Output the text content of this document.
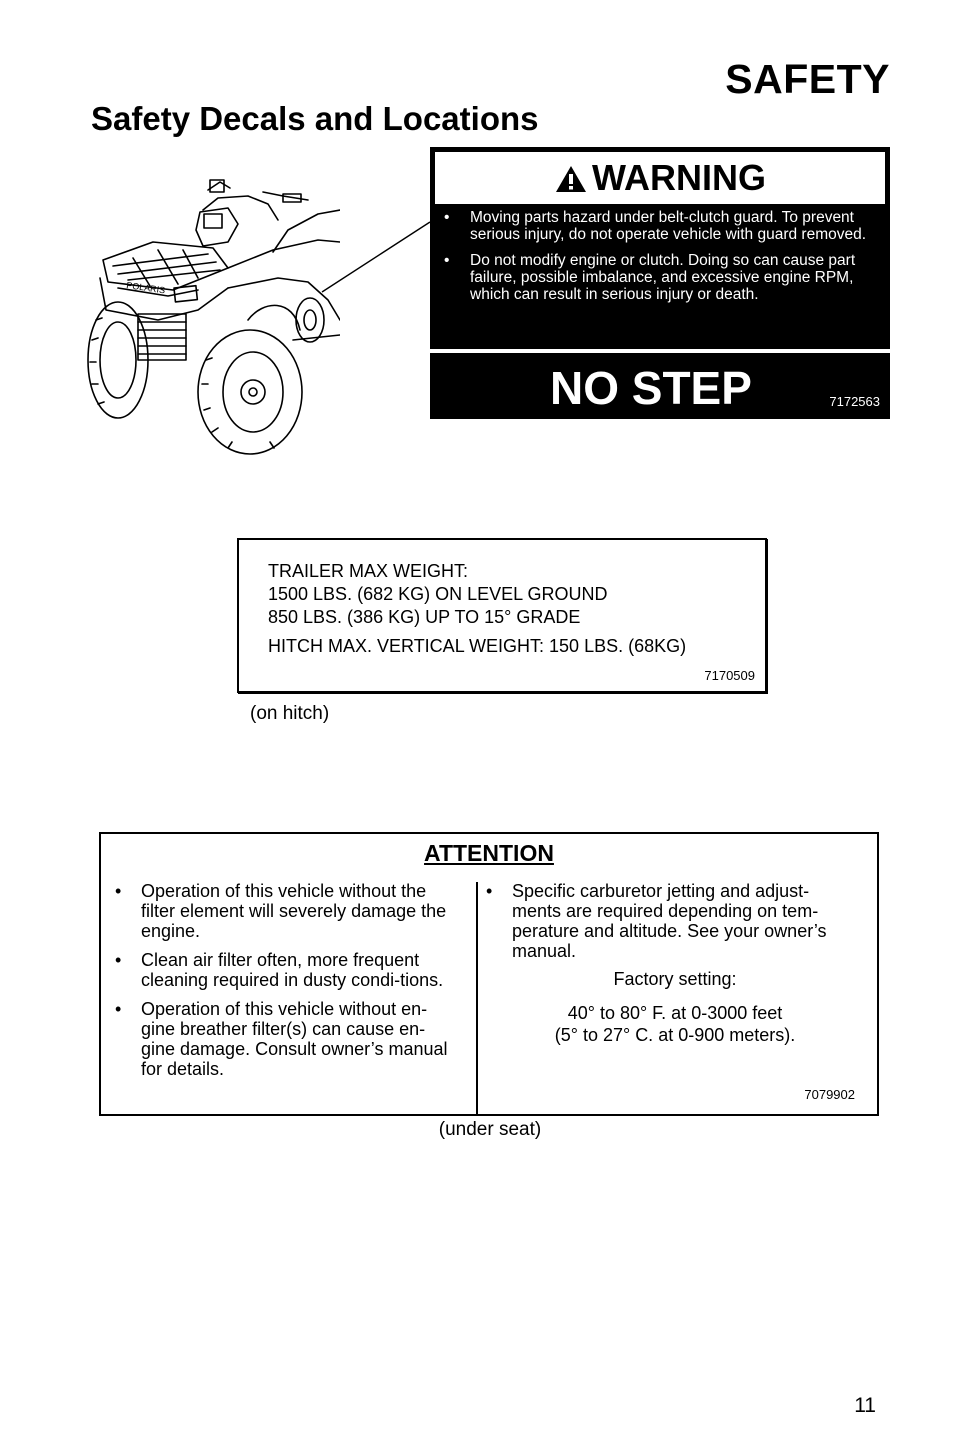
SAFETY
Safety Decals and Locations
POLARIS
WARNING
• Moving parts hazard under belt-clutch guard. To prevent serious injury, do not operate vehicle with guard removed.
• Do not modify engine or clutch. Doing so can cause part failure, possible imbalance, and excessive engine RPM, which can result in serious injury or death.
NO STEP	7172563
TRAILER MAX WEIGHT:
1500 LBS. (682 KG) ON LEVEL GROUND
850 LBS. (386 KG) UP TO 15° GRADE
HITCH MAX. VERTICAL WEIGHT: 150 LBS. (68KG)
7170509
(on hitch)
ATTENTION
• Operation of this vehicle without the filter element will severely damage the engine.
• Clean air filter often, more frequent cleaning required in dusty condi-tions.
• Operation of this vehicle without en-gine breather filter(s) can cause en-gine damage. Consult owner’s manual for details.
• Specific carburetor jetting and adjust-ments are required depending on tem-perature and altitude. See your owner’s manual.
Factory setting:
40° to 80° F. at 0-3000 feet
(5° to 27° C. at 0-900 meters).
7079902
(under seat)
11
